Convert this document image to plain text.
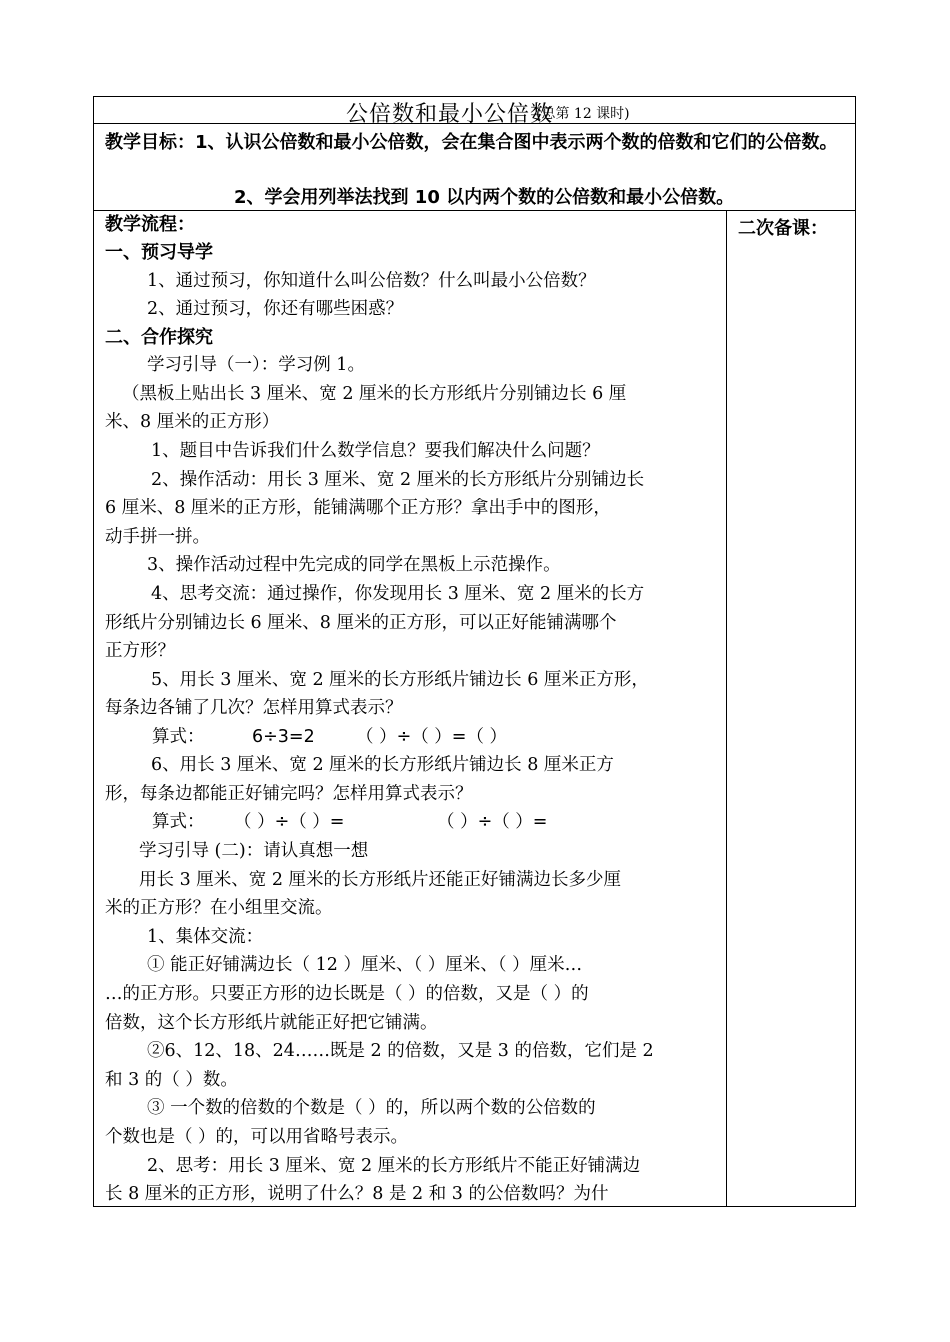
公倍数和最小公倍数
(总第 12 课时)
教学目标：1、认识公倍数和最小公倍数，会在集合图中表示两个数的倍数和它们的公倍数。
2、学会用列举法找到 10 以内两个数的公倍数和最小公倍数。
教学流程：
一、预习导学
1、通过预习，你知道什么叫公倍数？什么叫最小公倍数？
2、通过预习，你还有哪些困惑？
二、合作探究
学习引导（一）：学习例 1。
（黑板上贴出长 3 厘米、宽 2 厘米的长方形纸片分别铺边长 6 厘
米、8 厘米的正方形）
1、题目中告诉我们什么数学信息？要我们解决什么问题？
2、操作活动：用长 3 厘米、宽 2 厘米的长方形纸片分别铺边长
6 厘米、8 厘米的正方形，能铺满哪个正方形？拿出手中的图形，
动手拼一拼。
3、操作活动过程中先完成的同学在黑板上示范操作。
4、思考交流：通过操作，你发现用长 3 厘米、宽 2 厘米的长方
形纸片分别铺边长 6 厘米、8 厘米的正方形，可以正好能铺满哪个
正方形？
5、用长 3 厘米、宽 2 厘米的长方形纸片铺边长 6 厘米正方形，
每条边各铺了几次？怎样用算式表示？
算式：	6÷3=2 （ ）÷（ ）=（ ）
6、用长 3 厘米、宽 2 厘米的长方形纸片铺边长 8 厘米正方
形，每条边都能正好铺完吗？怎样用算式表示？
算式： （ ）÷（ ）=	（ ）÷（ ）=
学习引导 (二)：请认真想一想
用长 3 厘米、宽 2 厘米的长方形纸片还能正好铺满边长多少厘
米的正方形？在小组里交流。
1、集体交流：
① 能正好铺满边长（ 12 ）厘米、（ ）厘米、（ ）厘米…
…的正方形。只要正方形的边长既是（ ）的倍数，又是（ ）的
倍数，这个长方形纸片就能正好把它铺满。
②6、12、18、24……既是 2 的倍数，又是 3 的倍数，它们是 2
和 3 的（ ）数。
③ 一个数的倍数的个数是（ ）的，所以两个数的公倍数的
个数也是（ ）的，可以用省略号表示。
2、思考：用长 3 厘米、宽 2 厘米的长方形纸片不能正好铺满边
长 8 厘米的正方形，说明了什么？8 是 2 和 3 的公倍数吗？为什
二次备课：
